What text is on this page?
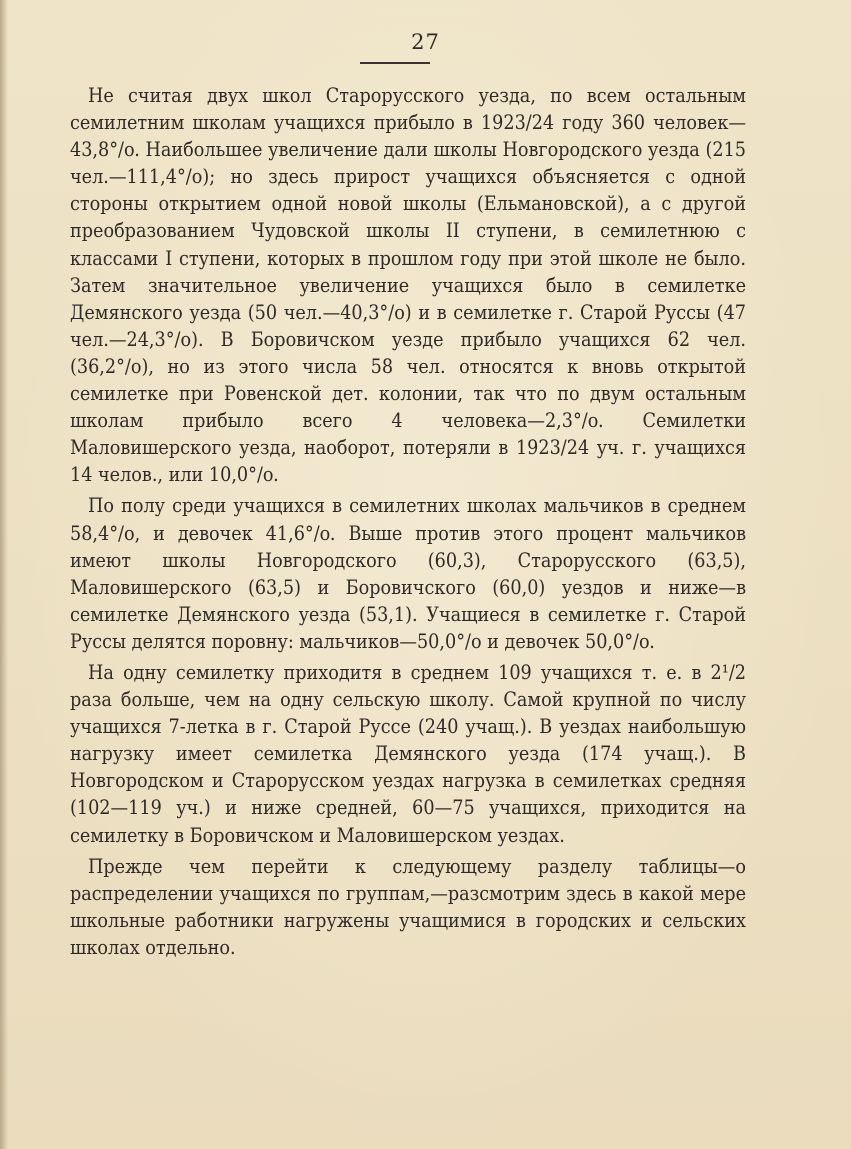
27

Не считая двух школ Старорусского уезда, по всем остальным семилетним школам учащихся прибыло в 1923/24 году 360 человек—43,8°/o. Наибольшее увеличение дали школы Новгородского уезда (215 чел.—111,4°/o); но здесь прирост учащихся объясняется с одной стороны открытием одной новой школы (Ельмановской), а с другой преобразованием Чудовской школы II ступени, в семилетнюю с классами I ступени, которых в прошлом году при этой школе не было. Затем значительное увеличение учащихся было в семилетке Демянского уезда (50 чел.—40,3°/o) и в семилетке г. Старой Руссы (47 чел.—24,3°/o). В Боровичском уезде прибыло учащихся 62 чел. (36,2°/o), но из этого числа 58 чел. относятся к вновь открытой семилетке при Ровенской дет. колонии, так что по двум остальным школам прибыло всего 4 человека—2,3°/o. Семилетки Маловишерского уезда, наоборот, потеряли в 1923/24 уч. г. учащихся 14 челов., или 10,0°/o.

По полу среди учащихся в семилетних школах мальчиков в среднем 58,4°/o, и девочек 41,6°/o. Выше против этого процент мальчиков имеют школы Новгородского (60,3), Старорусского (63,5), Маловишерского (63,5) и Боровичского (60,0) уездов и ниже—в семилетке Демянского уезда (53,1). Учащиеся в семилетке г. Старой Руссы делятся поровну: мальчиков—50,0°/o и девочек 50,0°/o.

На одну семилетку приходитя в среднем 109 учащихся т. е. в 2¹/2 раза больше, чем на одну сельскую школу. Самой крупной по числу учащихся 7-летка в г. Старой Руссе (240 учащ.). В уездах наибольшую нагрузку имеет семилетка Демянского уезда (174 учащ.). В Новгородском и Старорусском уездах нагрузка в семилетках средняя (102—119 уч.) и ниже средней, 60—75 учащихся, приходится на семилетку в Боровичском и Маловишерском уездах.

Прежде чем перейти к следующему разделу таблицы—о распределении учащихся по группам,—разсмотрим здесь в какой мере школьные работники нагружены учащимися в городских и сельских школах отдельно.
